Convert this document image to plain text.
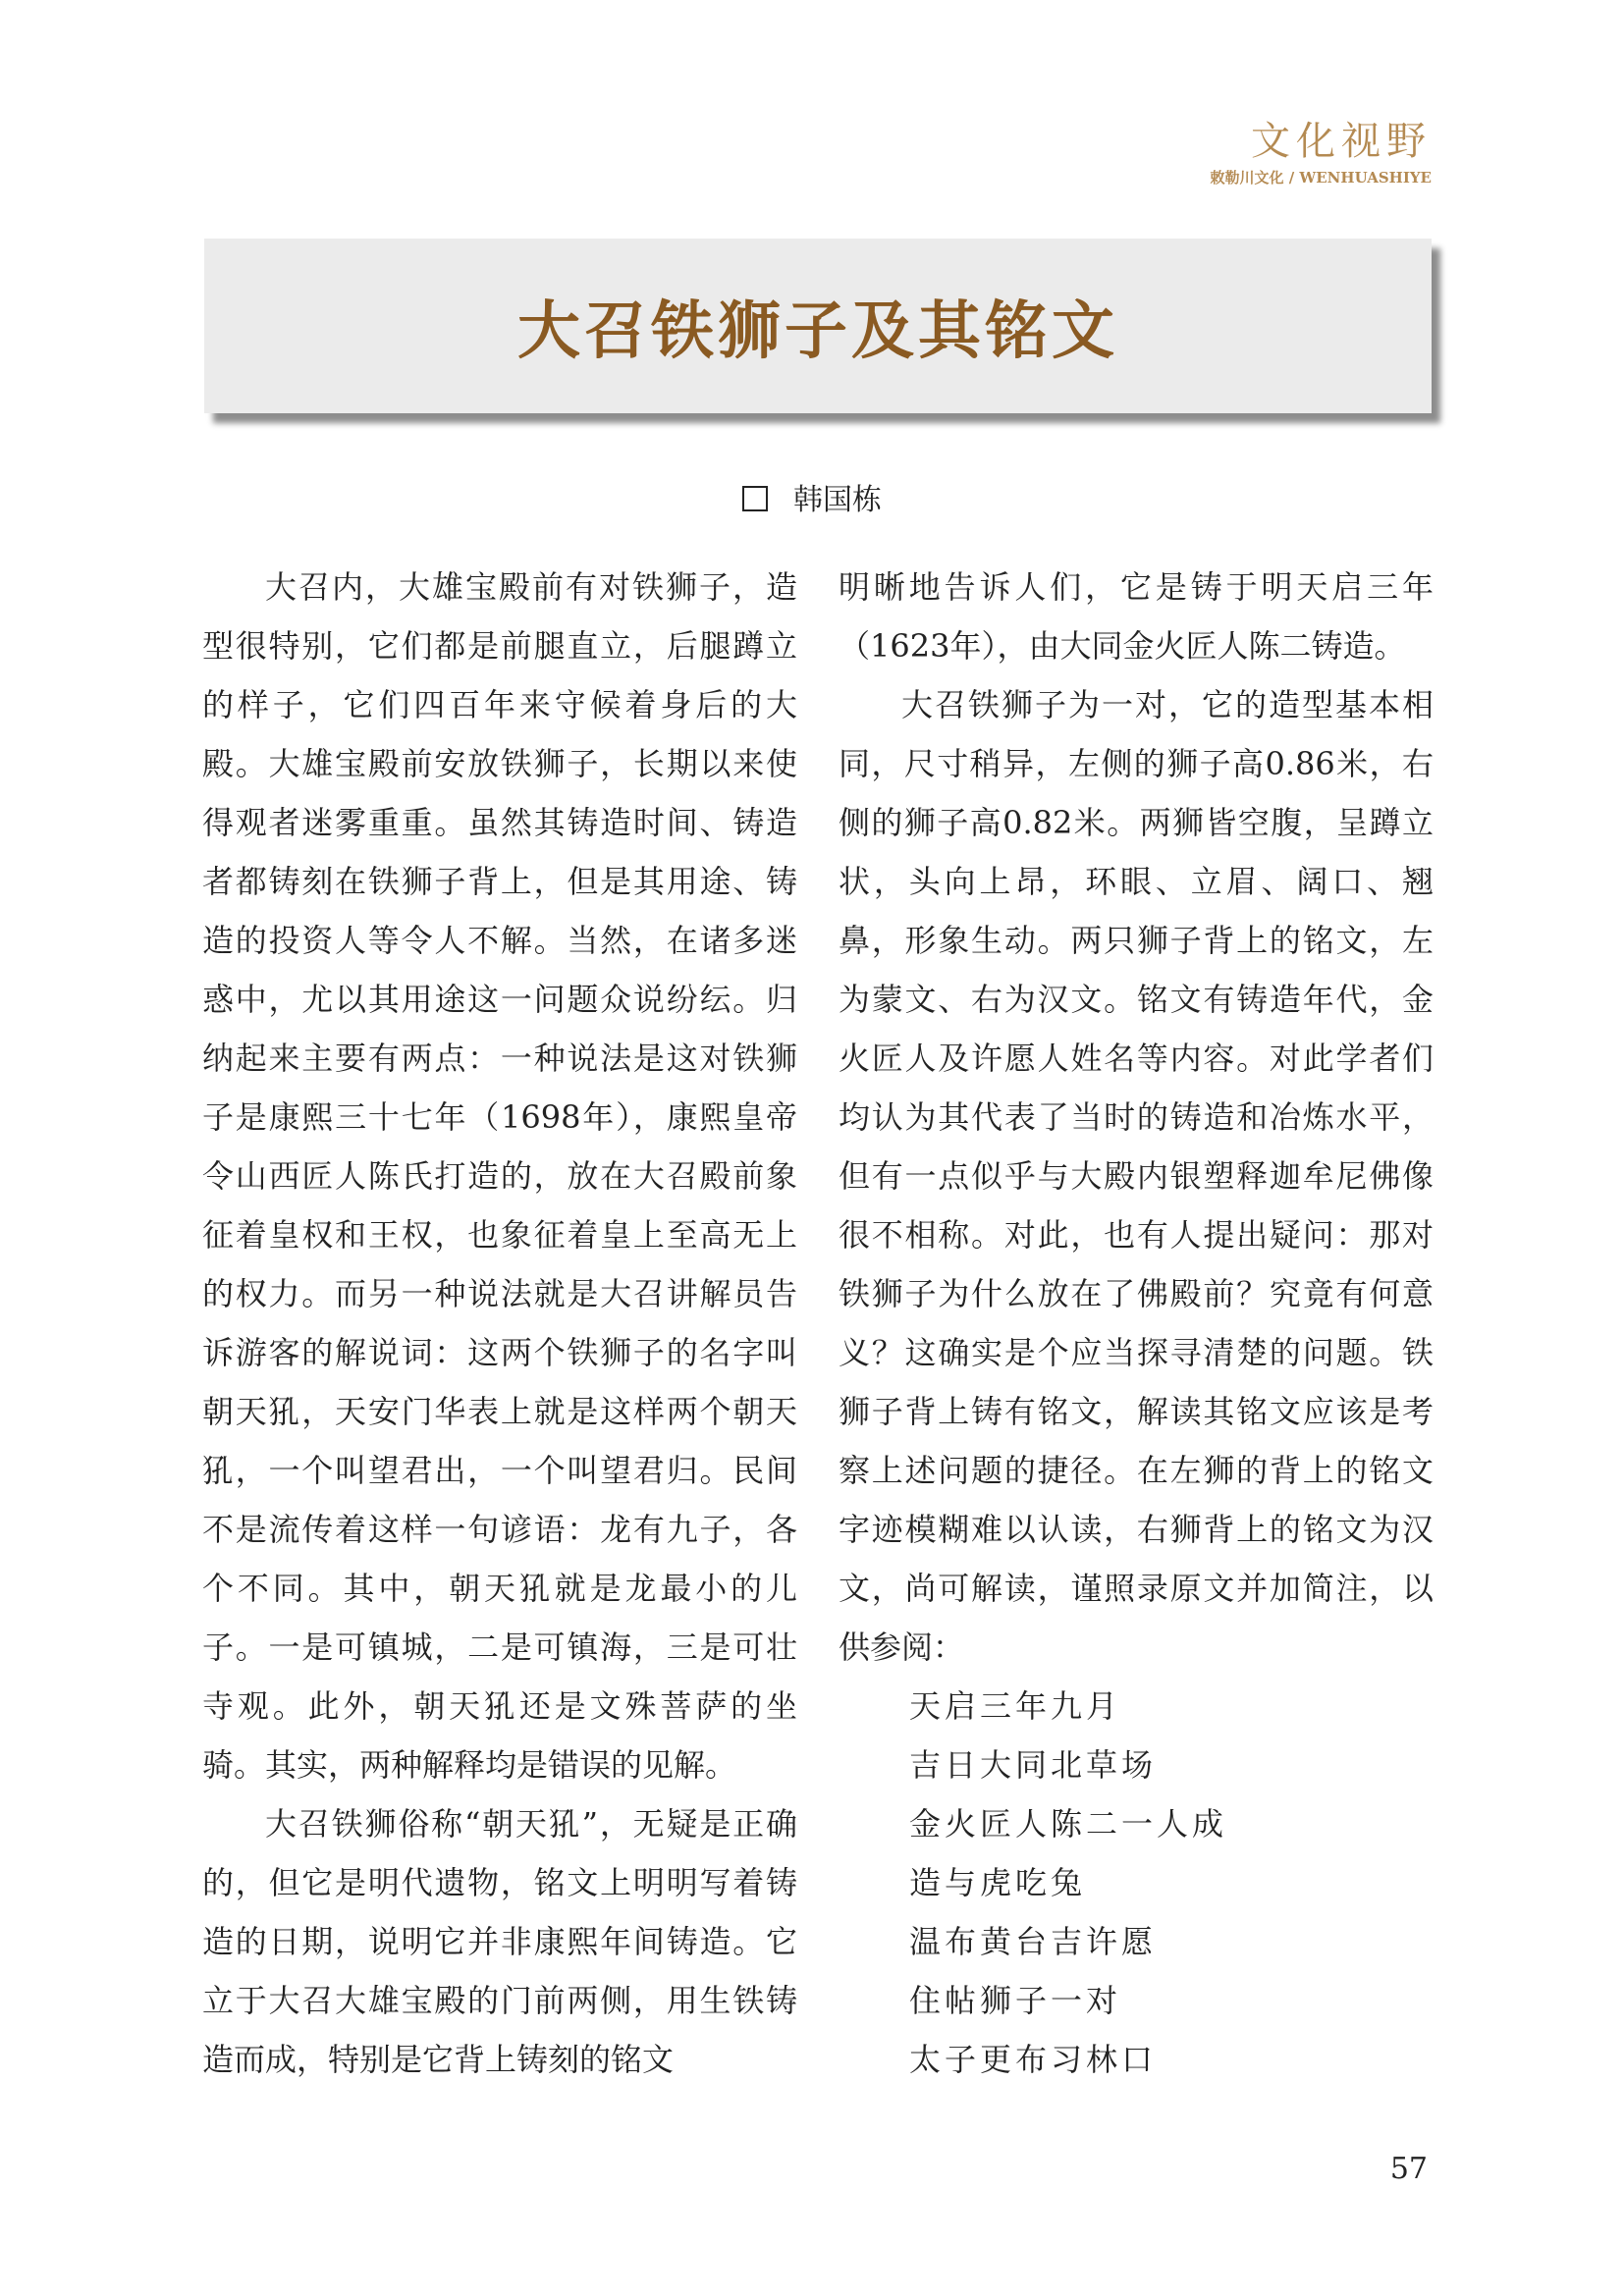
文化视野
敕勒川文化 / WENHUASHIYE
大召铁狮子及其铭文
韩国栋

大召内，大雄宝殿前有对铁狮子，造型很特别，它们都是前腿直立，后腿蹲立的样子，它们四百年来守候着身后的大殿。大雄宝殿前安放铁狮子，长期以来使得观者迷雾重重。虽然其铸造时间、铸造者都铸刻在铁狮子背上，但是其用途、铸造的投资人等令人不解。当然，在诸多迷惑中，尤以其用途这一问题众说纷纭。归纳起来主要有两点：一种说法是这对铁狮子是康熙三十七年（1698年），康熙皇帝令山西匠人陈氏打造的，放在大召殿前象征着皇权和王权，也象征着皇上至高无上的权力。而另一种说法就是大召讲解员告诉游客的解说词：这两个铁狮子的名字叫朝天犼，天安门华表上就是这样两个朝天犼，一个叫望君出，一个叫望君归。民间不是流传着这样一句谚语：龙有九子，各个不同。其中，朝天犼就是龙最小的儿子。一是可镇城，二是可镇海，三是可壮寺观。此外，朝天犼还是文殊菩萨的坐骑。其实，两种解释均是错误的见解。

大召铁狮俗称“朝天犼”，无疑是正确的，但它是明代遗物，铭文上明明写着铸造的日期，说明它并非康熙年间铸造。它立于大召大雄宝殿的门前两侧，用生铁铸造而成，特别是它背上铸刻的铭文

明晰地告诉人们，它是铸于明天启三年（1623年），由大同金火匠人陈二铸造。

大召铁狮子为一对，它的造型基本相同，尺寸稍异，左侧的狮子高0.86米，右侧的狮子高0.82米。两狮皆空腹，呈蹲立状，头向上昂，环眼、立眉、阔口、翘鼻，形象生动。两只狮子背上的铭文，左为蒙文、右为汉文。铭文有铸造年代，金火匠人及许愿人姓名等内容。对此学者们均认为其代表了当时的铸造和冶炼水平，但有一点似乎与大殿内银塑释迦牟尼佛像很不相称。对此，也有人提出疑问：那对铁狮子为什么放在了佛殿前？究竟有何意义？这确实是个应当探寻清楚的问题。铁狮子背上铸有铭文，解读其铭文应该是考察上述问题的捷径。在左狮的背上的铭文字迹模糊难以认读，右狮背上的铭文为汉文，尚可解读，谨照录原文并加简注，以供参阅：

天启三年九月
吉日大同北草场
金火匠人陈二一人成
造与虎吃兔
温布黄台吉许愿
住帖狮子一对
太子更布习林口
57
